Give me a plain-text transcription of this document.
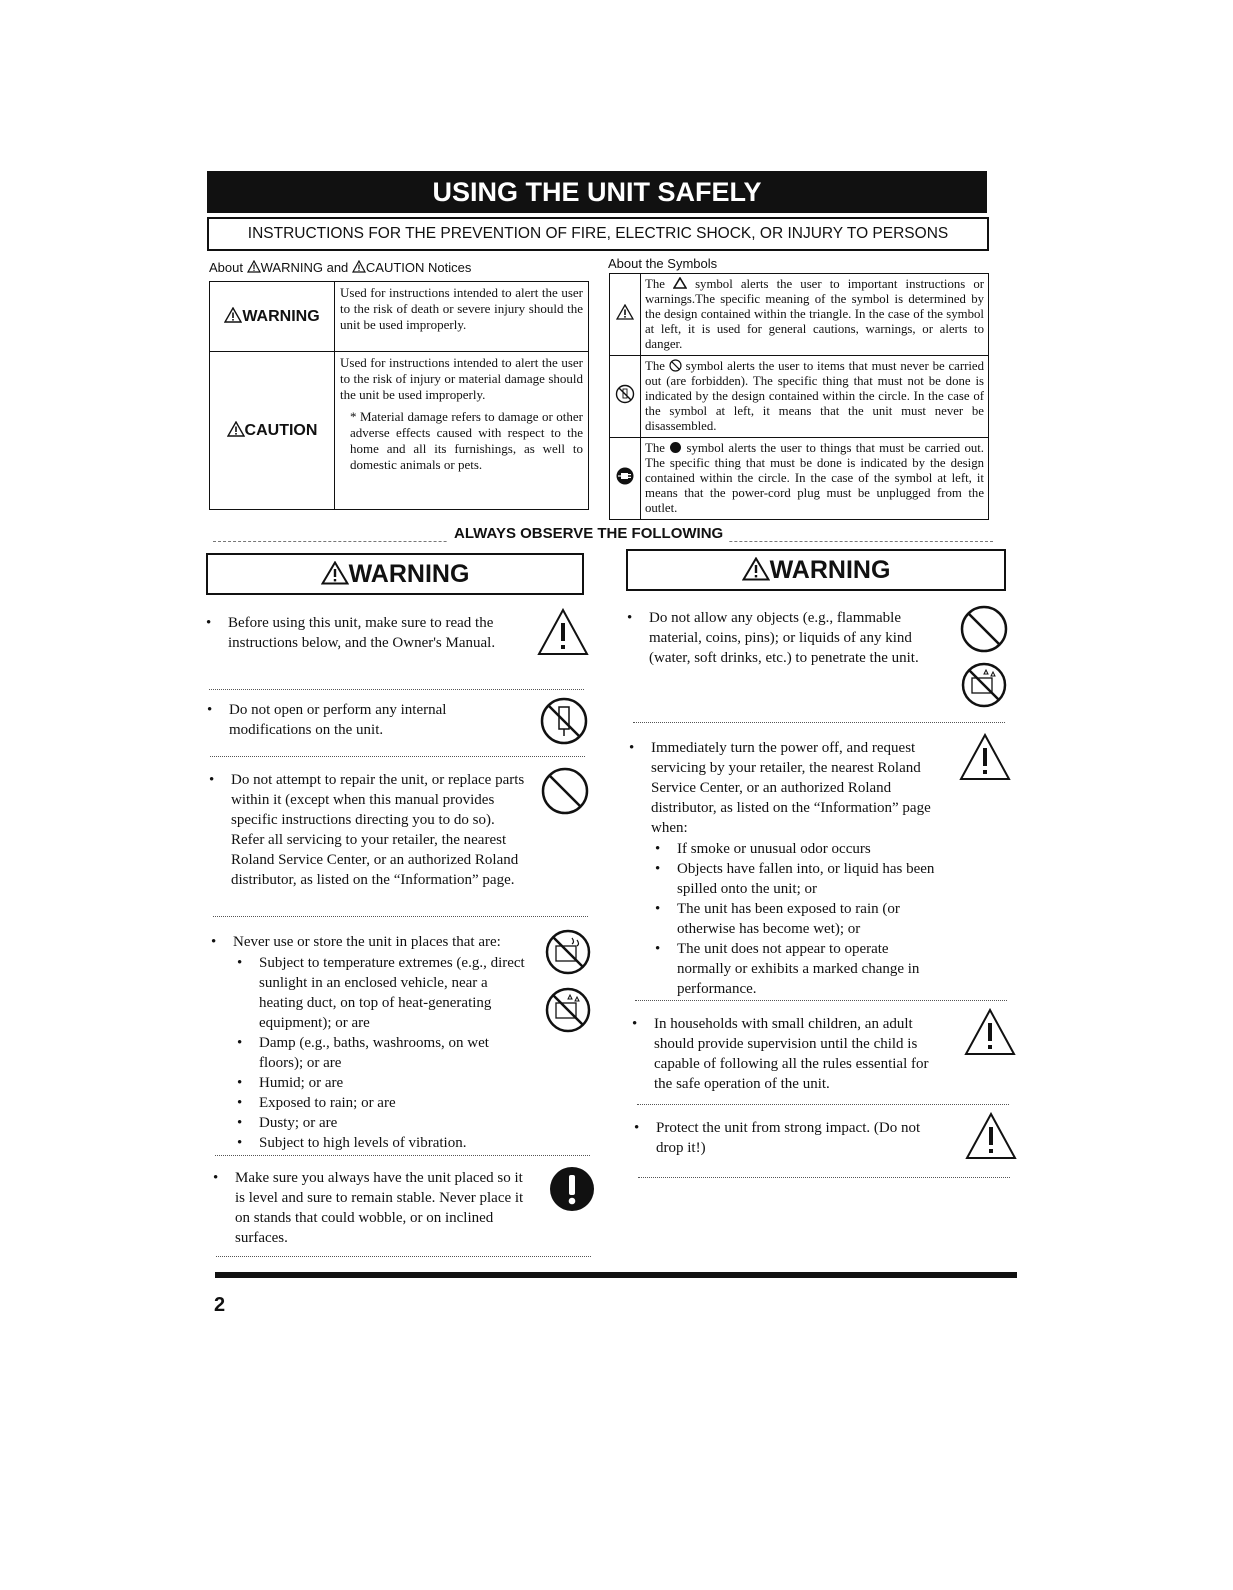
USING THE UNIT SAFELY
INSTRUCTIONS FOR THE PREVENTION OF FIRE, ELECTRIC SHOCK, OR INJURY TO PERSONS
About WARNING and CAUTION Notices
WARNING	Used for instructions intended to alert the user to the risk of death or severe injury should the unit be used improperly.
CAUTION	Used for instructions intended to alert the user to the risk of injury or material damage should the unit be used improperly.
* Material damage refers to damage or other adverse effects caused with respect to the home and all its furnishings, as well to domestic animals or pets.
About the Symbols
	The symbol alerts the user to important instructions or warnings.The specific meaning of the symbol is determined by the design contained within the triangle. In the case of the symbol at left, it is used for general cautions, warnings, or alerts to danger.
	The symbol alerts the user to items that must never be carried out (are forbidden). The specific thing that must not be done is indicated by the design contained within the circle. In the case of the symbol at left, it means that the unit must never be disassembled.
	The symbol alerts the user to things that must be carried out. The specific thing that must be done is indicated by the design contained within the circle. In the case of the symbol at left, it means that the power-cord plug must be unplugged from the outlet.
ALWAYS OBSERVE THE FOLLOWING
WARNING
• Before using this unit, make sure to read the instructions below, and the Owner's Manual.
• Do not open or perform any internal modifications on the unit.
• Do not attempt to repair the unit, or replace parts within it (except when this manual provides specific instructions directing you to do so). Refer all servicing to your retailer, the nearest Roland Service Center, or an authorized Roland distributor, as listed on the “Information” page.
• Never use or store the unit in places that are:
• Subject to temperature extremes (e.g., direct sunlight in an enclosed vehicle, near a heating duct, on top of heat-generating equipment); or are
• Damp (e.g., baths, washrooms, on wet floors); or are
• Humid; or are
• Exposed to rain; or are
• Dusty; or are
• Subject to high levels of vibration.
• Make sure you always have the unit placed so it is level and sure to remain stable. Never place it on stands that could wobble, or on inclined surfaces.
WARNING
• Do not allow any objects (e.g., flammable material, coins, pins); or liquids of any kind (water, soft drinks, etc.) to penetrate the unit.
• Immediately turn the power off, and request servicing by your retailer, the nearest Roland Service Center, or an authorized Roland distributor, as listed on the “Information” page when:
• If smoke or unusual odor occurs
• Objects have fallen into, or liquid has been spilled onto the unit; or
• The unit has been exposed to rain (or otherwise has become wet); or
• The unit does not appear to operate normally or exhibits a marked change in performance.
• In households with small children, an adult should provide supervision until the child is capable of following all the rules essential for the safe operation of the unit.
• Protect the unit from strong impact. (Do not drop it!)
2
